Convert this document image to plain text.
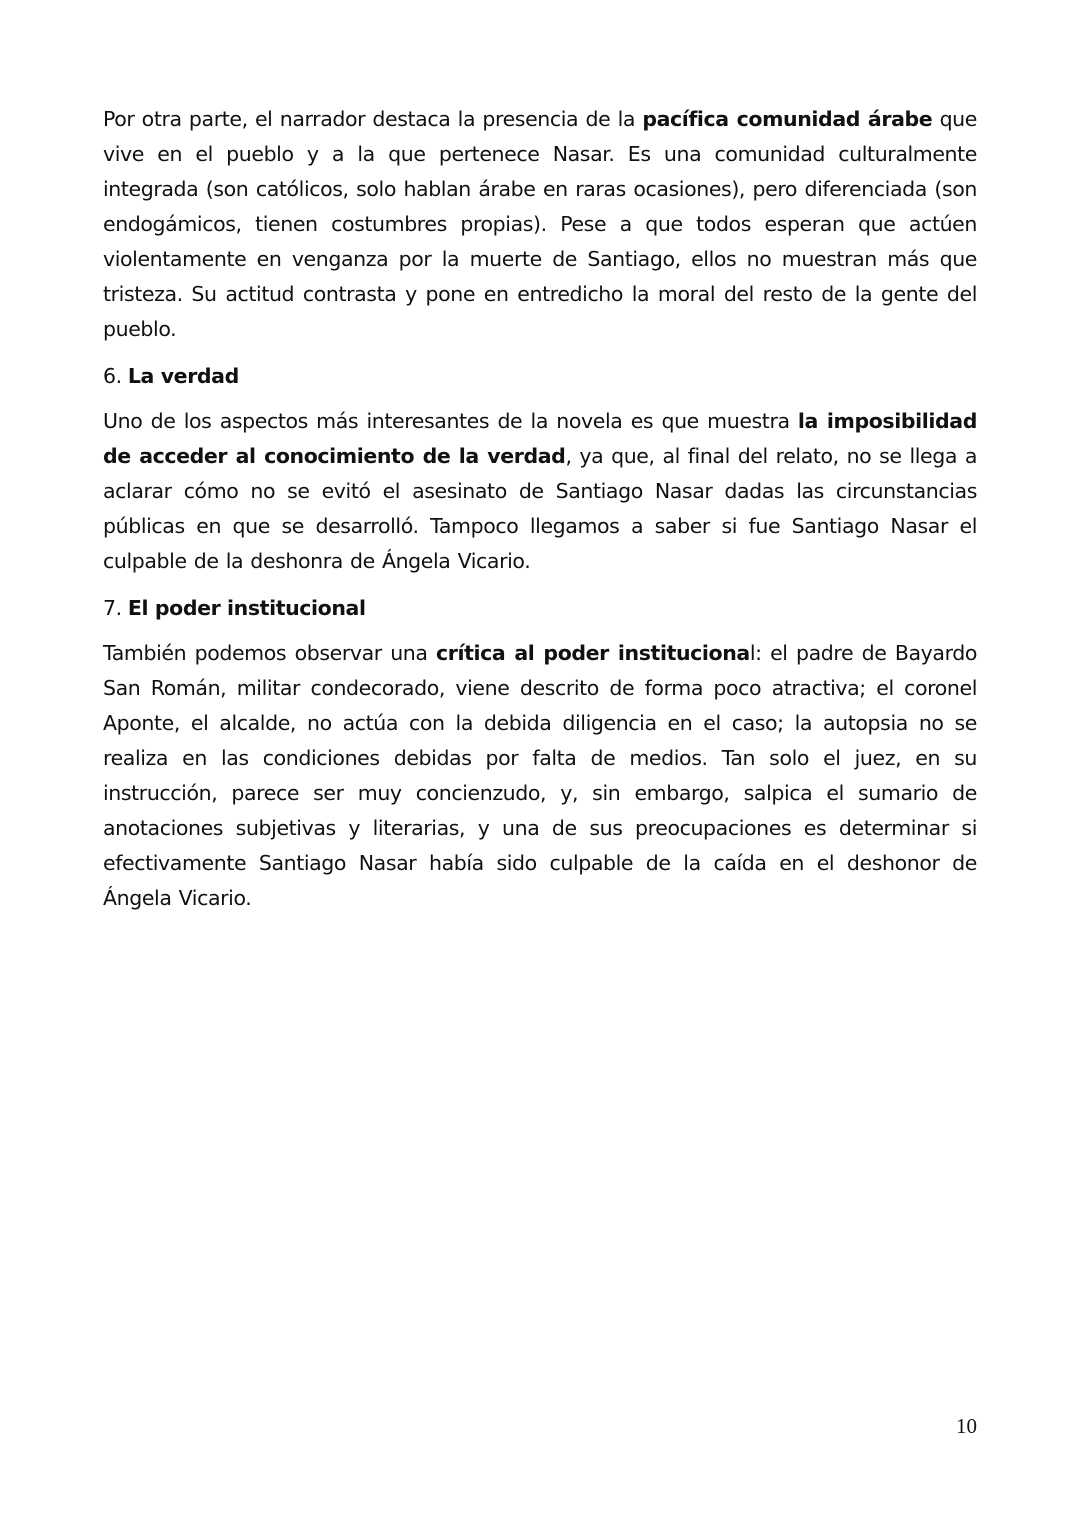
Por otra parte, el narrador destaca la presencia de la pacífica comunidad árabe que vive en el pueblo y a la que pertenece Nasar. Es una comunidad culturalmente integrada (son católicos, solo hablan árabe en raras ocasiones), pero diferenciada (son endogámicos, tienen costumbres propias). Pese a que todos esperan que actúen violentamente en venganza por la muerte de Santiago, ellos no muestran más que tristeza. Su actitud contrasta y pone en entredicho la moral del resto de la gente del pueblo.

6. La verdad

Uno de los aspectos más interesantes de la novela es que muestra la imposibilidad de acceder al conocimiento de la verdad, ya que, al final del relato, no se llega a aclarar cómo no se evitó el asesinato de Santiago Nasar dadas las circunstancias públicas en que se desarrolló. Tampoco llegamos a saber si fue Santiago Nasar el culpable de la deshonra de Ángela Vicario.

7. El poder institucional

También podemos observar una crítica al poder institucional: el padre de Bayardo San Román, militar condecorado, viene descrito de forma poco atractiva; el coronel Aponte, el alcalde, no actúa con la debida diligencia en el caso; la autopsia no se realiza en las condiciones debidas por falta de medios. Tan solo el juez, en su instrucción, parece ser muy concienzudo, y, sin embargo, salpica el sumario de anotaciones subjetivas y literarias, y una de sus preocupaciones es determinar si efectivamente Santiago Nasar había sido culpable de la caída en el deshonor de Ángela Vicario.

10
